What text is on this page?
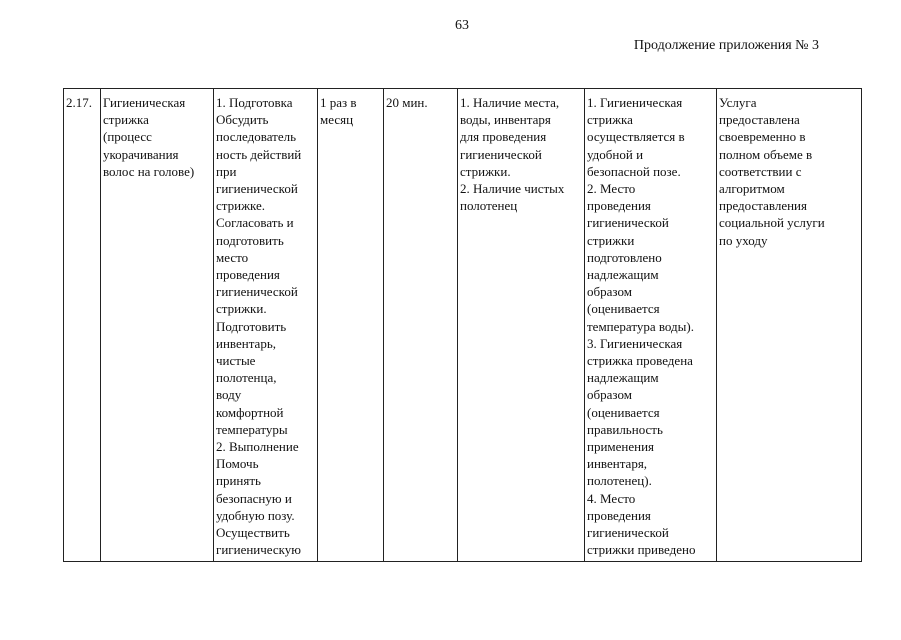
63
Продолжение приложения № 3
2.17.	Гигиеническая
стрижка
(процесс
укорачивания
волос на голове)

1. Подготовка
Обсудить
последователь
ность действий
при
гигиенической
стрижке.
Согласовать и
подготовить
место
проведения
гигиенической
стрижки.
Подготовить
инвентарь,
чистые
полотенца,
воду
комфортной
температуры
2. Выполнение
Помочь
принять
безопасную и
удобную позу.
Осуществить
гигиеническую

1 раз в
месяц

20 мин.	1. Наличие места,
воды, инвентаря
для проведения
гигиенической
стрижки.
2. Наличие чистых
полотенец

1. Гигиеническая
стрижка
осуществляется в
удобной и
безопасной позе.
2. Место
проведения
гигиенической
стрижки
подготовлено
надлежащим
образом
(оценивается
температура воды).
3. Гигиеническая
стрижка проведена
надлежащим
образом
(оценивается
правильность
применения
инвентаря,
полотенец).
4. Место
проведения
гигиенической
стрижки приведено

Услуга
предоставлена
своевременно в
полном объеме в
соответствии с
алгоритмом
предоставления
социальной услуги
по уходу
